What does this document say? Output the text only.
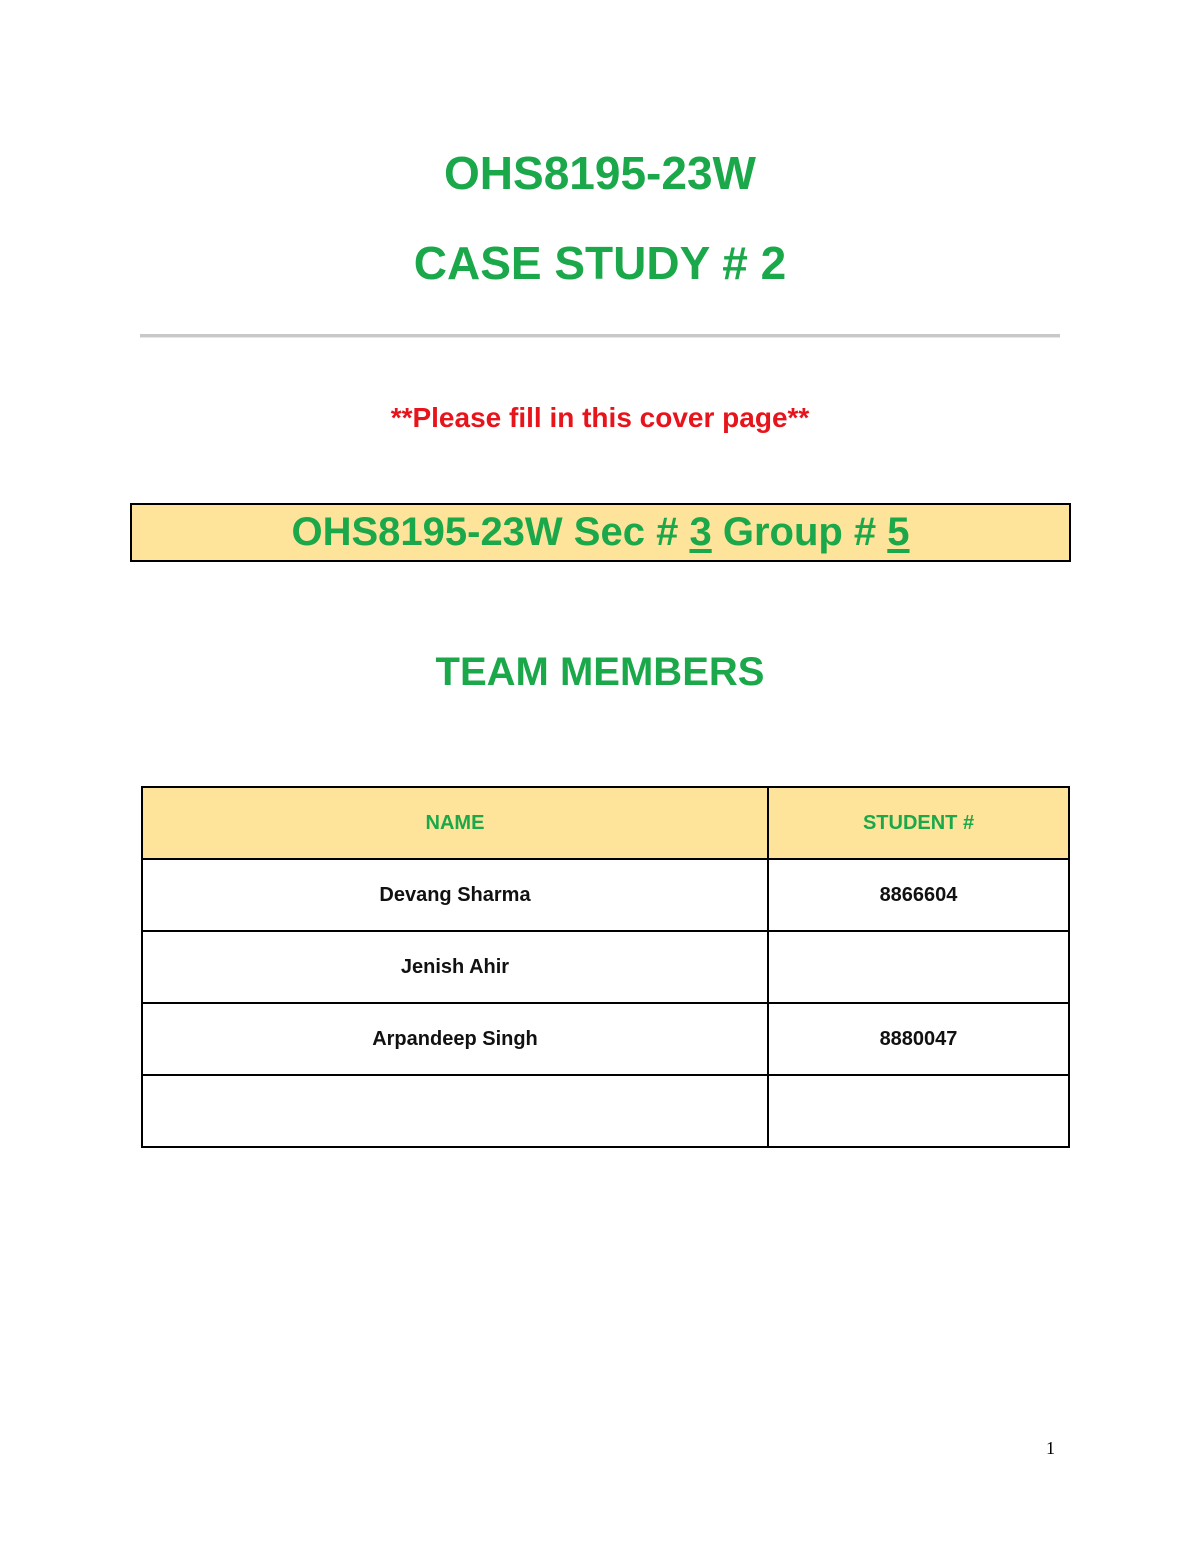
OHS8195-23W
CASE STUDY # 2

**Please fill in this cover page**

OHS8195-23W Sec # 3 Group # 5
TEAM MEMBERS
NAME	STUDENT #
Devang Sharma	8866604
Jenish Ahir	
Arpandeep Singh	8880047

1
